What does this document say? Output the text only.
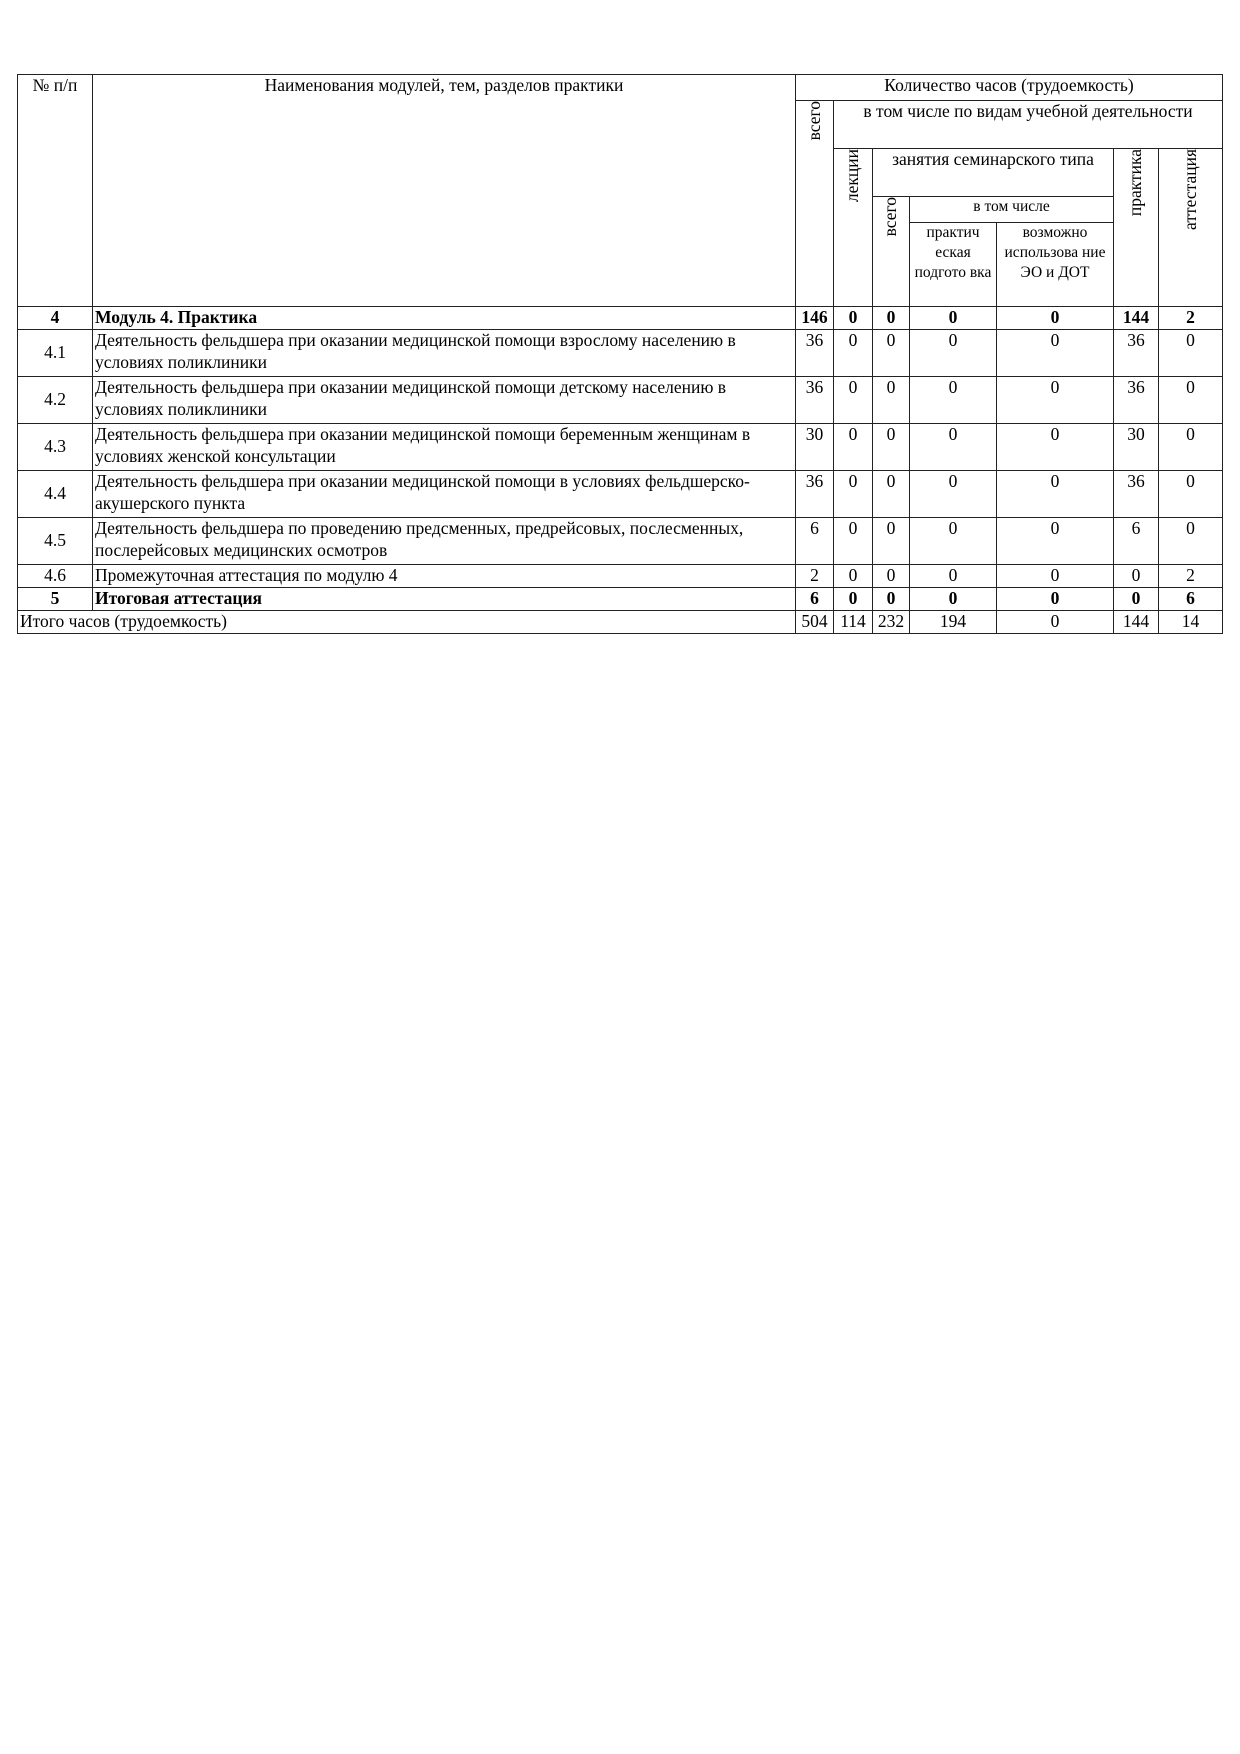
№ п/п	Наименования модулей, тем, разделов практики	Количество часов (трудоемкость)						
		всего	в том числе по видам учебной деятельности					
			лекции	занятия семинарского типа			практика	аттестация
				всего	в том числе			
					практич еская подгото вка	возможно использова ние ЭО и ДОТ		

4	Модуль 4. Практика	146	0	0	0	0	144	2
4.1	Деятельность фельдшера при оказании медицинской помощи взрослому населению в условиях поликлиники	36	0	0	0	0	36	0
4.2	Деятельность фельдшера при оказании медицинской помощи детскому населению в условиях поликлиники	36	0	0	0	0	36	0
4.3	Деятельность фельдшера при оказании медицинской помощи беременным женщинам в условиях женской консультации	30	0	0	0	0	30	0
4.4	Деятельность фельдшера при оказании медицинской помощи в условиях фельдшерско-акушерского пункта	36	0	0	0	0	36	0
4.5	Деятельность фельдшера по проведению предсменных, предрейсовых, послесменных, послерейсовых медицинских осмотров	6	0	0	0	0	6	0
4.6	Промежуточная аттестация по модулю 4	2	0	0	0	0	0	2
5	Итоговая аттестация	6	0	0	0	0	0	6
Итого часов (трудоемкость)		504	114	232	194	0	144	14
